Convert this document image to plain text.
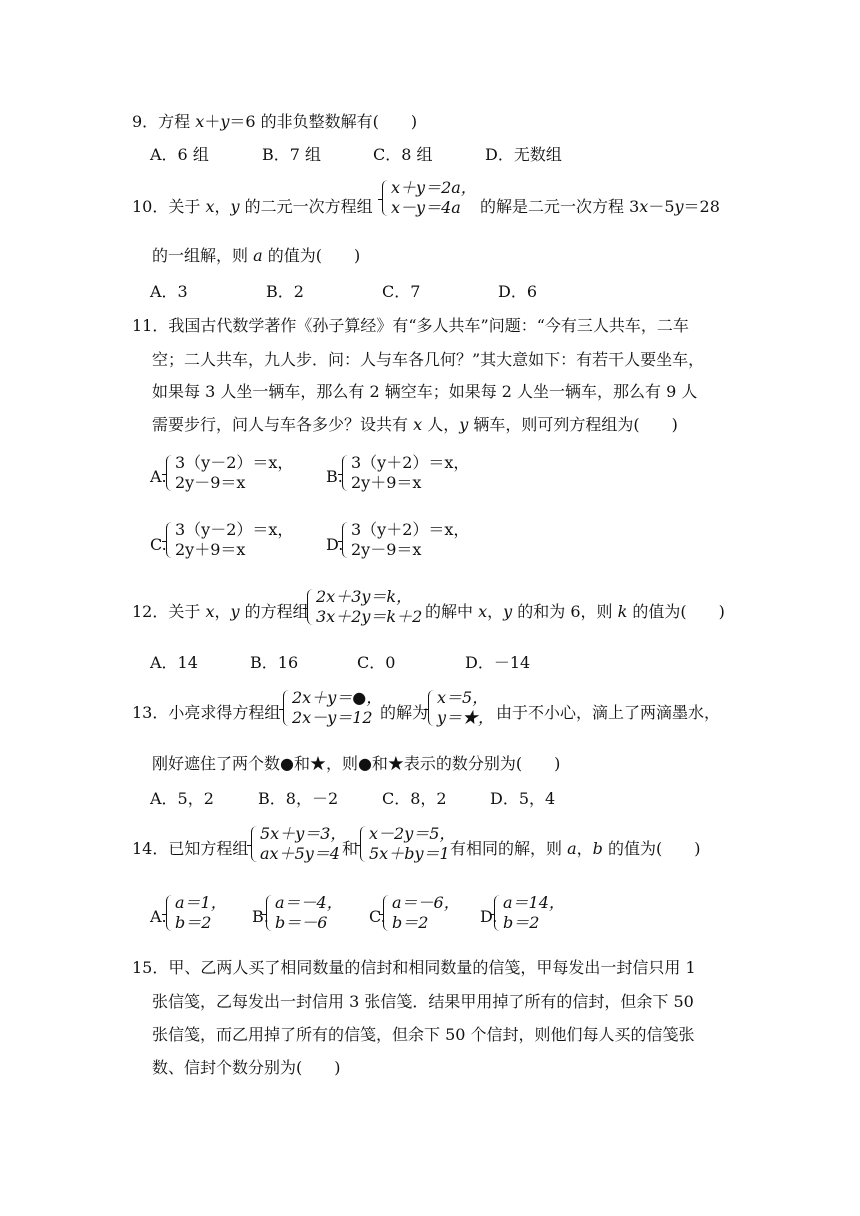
9．方程 x＋y＝6 的非负整数解有(　　)
A．6 组	B．7 组	C．8 组	D．无数组
10．关于 x，y 的二元一次方程组
x＋y＝2a，
x－y＝4a 的解是二元一次方程 3x－5y＝28
的一组解，则 a 的值为(　　)
A．3	B．2	C．7	D．6
11．我国古代数学著作《孙子算经》有“多人共车”问题：“今有三人共车，二车
空；二人共车，九人步．问：人与车各几何？”其大意如下：有若干人要坐车，
如果每 3 人坐一辆车，那么有 2 辆空车；如果每 2 人坐一辆车，那么有 9 人
需要步行，问人与车各多少？设共有 x 人，y 辆车，则可列方程组为(　　)
A.
3（y－2）＝x，
2y－9＝x	B.
3（y＋2）＝x，
2y＋9＝x
C.
3（y－2）＝x，
2y＋9＝x	D.
3（y＋2）＝x，
2y－9＝x
12．关于 x，y 的方程组
2x＋3y＝k，
3x＋2y＝k＋2 的解中 x，y 的和为 6，则 k 的值为(　　)
A．14	B．16	C．0	D．－14
13．小亮求得方程组
2x＋y＝●，
2x－y＝12 的解为
x＝5，
y＝★， 由于不小心，滴上了两滴墨水，
刚好遮住了两个数●和★，则●和★表示的数分别为(　　)
A．5，2	B．8，－2	C．8，2	D．5，4
14．已知方程组
5x＋y＝3，
ax＋5y＝4 和
x－2y＝5，
5x＋by＝1 有相同的解，则 a，b 的值为(　　)
A.
a＝1，
b＝2	B.
a＝－4，
b＝－6	C.
a＝－6，
b＝2	D.
a＝14，
b＝2
15．甲、乙两人买了相同数量的信封和相同数量的信笺，甲每发出一封信只用 1
张信笺，乙每发出一封信用 3 张信笺．结果甲用掉了所有的信封，但余下 50
张信笺，而乙用掉了所有的信笺，但余下 50 个信封，则他们每人买的信笺张
数、信封个数分别为(　　)
